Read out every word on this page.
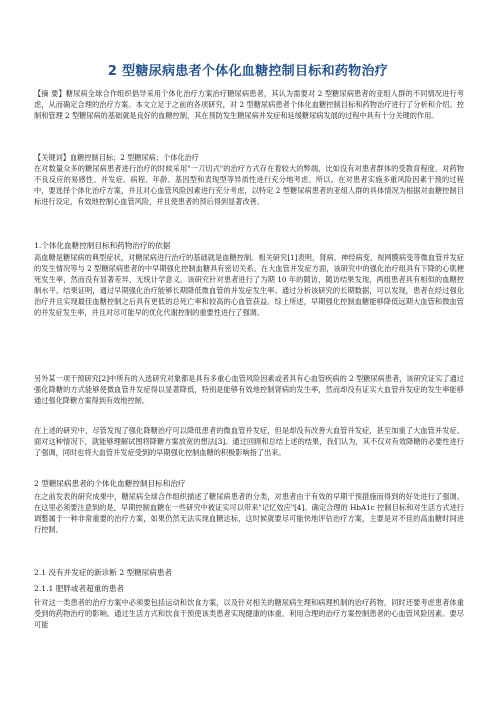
2 型糖尿病患者个体化血糖控制目标和药物治疗

【摘 要】糖尿病全球合作组织倡导采用个体化治疗方案治疗糖尿病患者，其认为需要对 2 型糖尿病患者的亚组人群的不同情况进行考虑，从而确定合理的治疗方案。本文立足于之前的各项研究，对 2 型糖尿病患者个体化血糖控制目标和药物治疗进行了分析和介绍。控制和管理 2 型糖尿病的基础就是良好的血糖控制，其在预防发生糖尿病并发症和延缓糖尿病发展的过程中具有十分关键的作用。

【关键词】血糖控制目标；2 型糖尿病；个体化治疗

在对数量众多的糖尿病患者进行治疗的时候采用"一刀切式"的治疗方式存在着较大的弊端，比如没有对患者群体的受教育程度、对药物不良反应的易感性、并发症、病程、年龄、基因型和表现型等异质性进行充分地考虑。所以，在对患者实施多重风险因素干预的过程中，要选择个体化治疗方案，并且对心血管风险因素进行充分考虑，以特定 2 型糖尿病患者的亚组人群的具体情况为根据对血糖控制目标进行设定，有效地控制心血管风险，并且使患者的预后得到显著改善。

1.个体化血糖控制目标和药物治疗的依据

高血糖是糖尿病的典型症状，对糖尿病进行治疗的基础就是血糖控制。相关研究[1]表明，肾病、神经病变、视网膜病变等微血管并发症的发生情况等与 2 型糖尿病患者的中早期强化控制血糖具有密切关系。在大血管并发症方面，该研究中的强化治疗组具有下降的心肌梗死发生率，然而没有显著差异，无统计学意义。该研究针对患者进行了为期 10 年的随访，随访结果发现，两组患者具有相似的血糖控制水平。结果证明，通过早期强化治疗能够长期降低微血管的并发症发生率。通过分析该研究的长期数据，可以发现，患者在经过强化治疗并且实现最佳血糖控制之后具有更低的总死亡率和较高的心血管获益。综上所述，早期强化控制血糖能够降低远期大血管和微血管的并发症发生率，并且对尽可能早的优化代谢控制的重要性进行了强调。

另外某一项干预研究[2]中所有的入选研究对象都是具有多重心血管风险因素或者具有心血管疾病的 2 型糖尿病患者，该研究证实了通过强化降糖的方式能够使微血管并发症得以显著降低，特别是能够有效地控制肾病的发生率，然而却没有证实大血管并发症的发生率能够通过强化降糖方案得到有效地控制。

在上述的研究中，尽管发现了强化降糖治疗可以降低患者的微血管并发症，但是却没有改善大血管并发症，甚至加重了大血管并发症。面对这种情况下，就能够理解试图将降糖方案放宽的想法[3]。通过回顾和总结上述的结果，我们认为，其不仅对有效降糖的必要性进行了强调，同时也将大血管并发症受到的早期强化控制血糖的积极影响指了出来。

2 型糖尿病患者的个体化血糖控制目标和治疗

在之前发表的研究成果中，糖尿病全球合作组织描述了糖尿病患者的分类，对患者由于有效的早期干预措施而得到的好处进行了强调。在这里必须要注意到的是，早期控制血糖在一些研究中被证实可以带来"记忆效应"[4]。确定合理的 HbA1c 控制目标和对生活方式进行调整属于一种非常重要的治疗方案，如果仍然无法实现血糖达标，这时候就要尽可能快地评估治疗方案，主要是对不佳的高血糖时间进行控制。

2.1 没有并发症的新诊断 2 型糖尿病患者
2.1.1 肥胖或者超重的患者

针对这一类患者的治疗方案中必须要包括运动和饮食方案，以及针对相关的糖尿病生理和病理机制的治疗药物，同时还要考虑患者体重受到的药物治疗的影响。通过生活方式和饮食干预使该类患者实现健康的体重，利用合理的治疗方案控制患者的心血管风险因素。要尽可能
